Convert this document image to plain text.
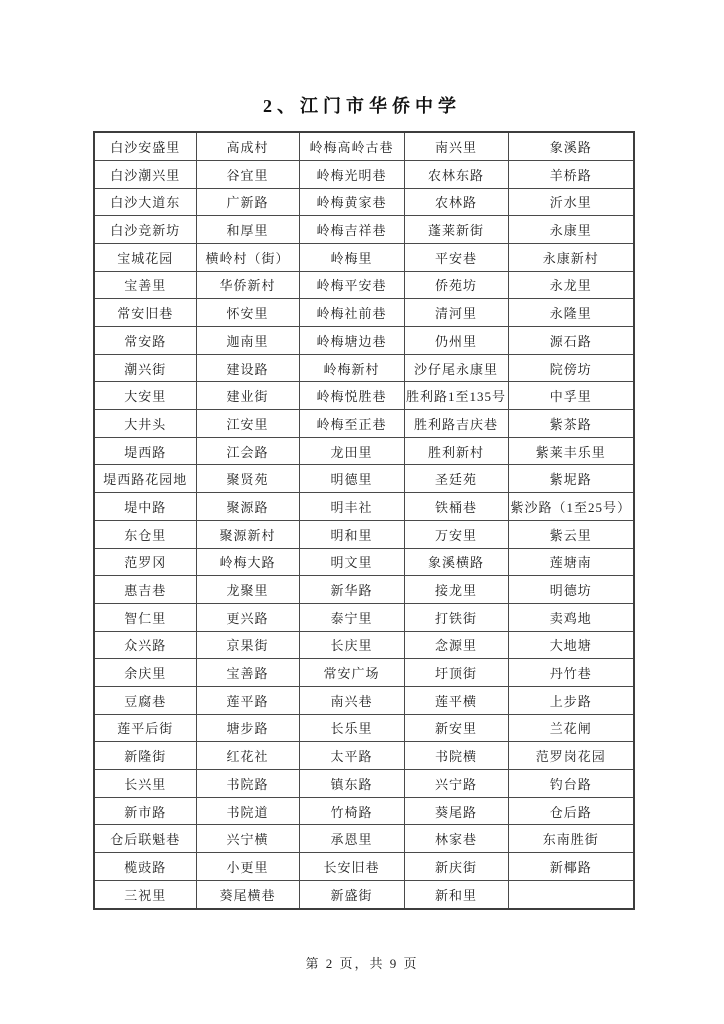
2、江门市华侨中学
白沙安盛里	高成村	岭梅高岭古巷	南兴里	象溪路
白沙潮兴里	谷宜里	岭梅光明巷	农林东路	羊桥路
白沙大道东	广新路	岭梅黄家巷	农林路	沂水里
白沙竞新坊	和厚里	岭梅吉祥巷	蓬莱新街	永康里
宝城花园	横岭村（街）	岭梅里	平安巷	永康新村
宝善里	华侨新村	岭梅平安巷	侨苑坊	永龙里
常安旧巷	怀安里	岭梅社前巷	清河里	永隆里
常安路	迦南里	岭梅塘边巷	仍州里	源石路
潮兴街	建设路	岭梅新村	沙仔尾永康里	院傍坊
大安里	建业街	岭梅悦胜巷	胜利路1至135号	中孚里
大井头	江安里	岭梅至正巷	胜利路吉庆巷	紫茶路
堤西路	江会路	龙田里	胜利新村	紫莱丰乐里
堤西路花园地	聚贤苑	明德里	圣廷苑	紫坭路
堤中路	聚源路	明丰社	铁桶巷	紫沙路（1至25号）
东仓里	聚源新村	明和里	万安里	紫云里
范罗冈	岭梅大路	明文里	象溪横路	莲塘南
惠吉巷	龙聚里	新华路	接龙里	明德坊
智仁里	更兴路	泰宁里	打铁街	卖鸡地
众兴路	京果街	长庆里	念源里	大地塘
余庆里	宝善路	常安广场	圩顶街	丹竹巷
豆腐巷	莲平路	南兴巷	莲平横	上步路
莲平后街	塘步路	长乐里	新安里	兰花闸
新隆街	红花社	太平路	书院横	范罗岗花园
长兴里	书院路	镇东路	兴宁路	钓台路
新市路	书院道	竹椅路	葵尾路	仓后路
仓后联魁巷	兴宁横	承恩里	林家巷	东南胜街
榄豉路	小更里	长安旧巷	新庆街	新椰路
三祝里	葵尾横巷	新盛街	新和里	
第 2 页，共 9 页
